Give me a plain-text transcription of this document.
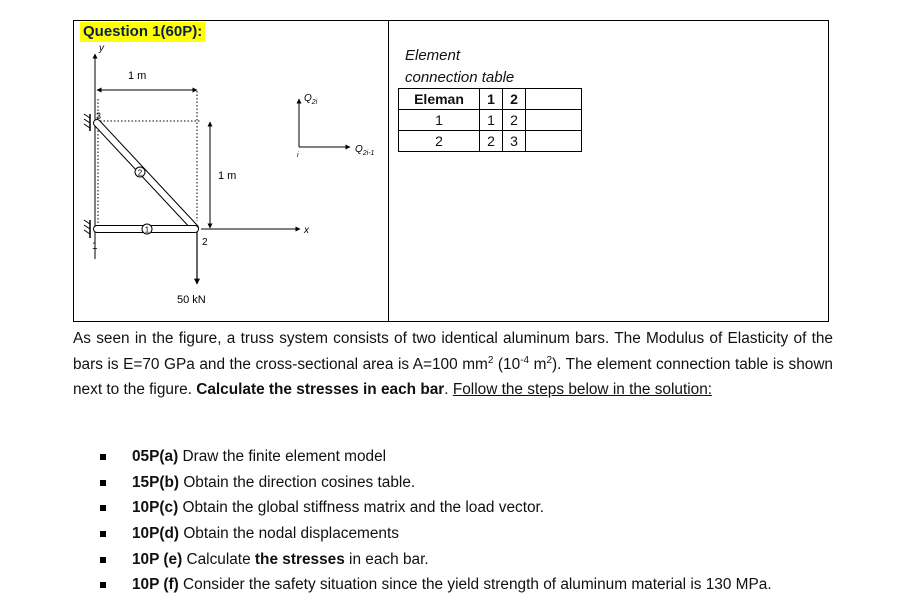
Question 1(60P):
y
1 m
2
1
3
1	2
1 m
50 kN
x
$Q_{2i}$
$Q_{2i-1}$
i
Element
connection table
Eleman	1	2	
1	1	2	
2	2	3	

As seen in the figure, a truss system consists of two identical aluminum bars. The Modulus of Elasticity of the bars is E=70 GPa and the cross-sectional area is A=100 $mm^2$ ($10^{-4}$ $m^2$). The element connection table is shown next to the figure. Calculate the stresses in each bar. Follow the steps below in the solution:

05P(a) Draw the finite element model
15P(b) Obtain the direction cosines table.
10P(c) Obtain the global stiffness matrix and the load vector.
10P(d) Obtain the nodal displacements
10P (e) Calculate the stresses in each bar.
10P (f) Consider the safety situation since the yield strength of aluminum material is 130 MPa.
